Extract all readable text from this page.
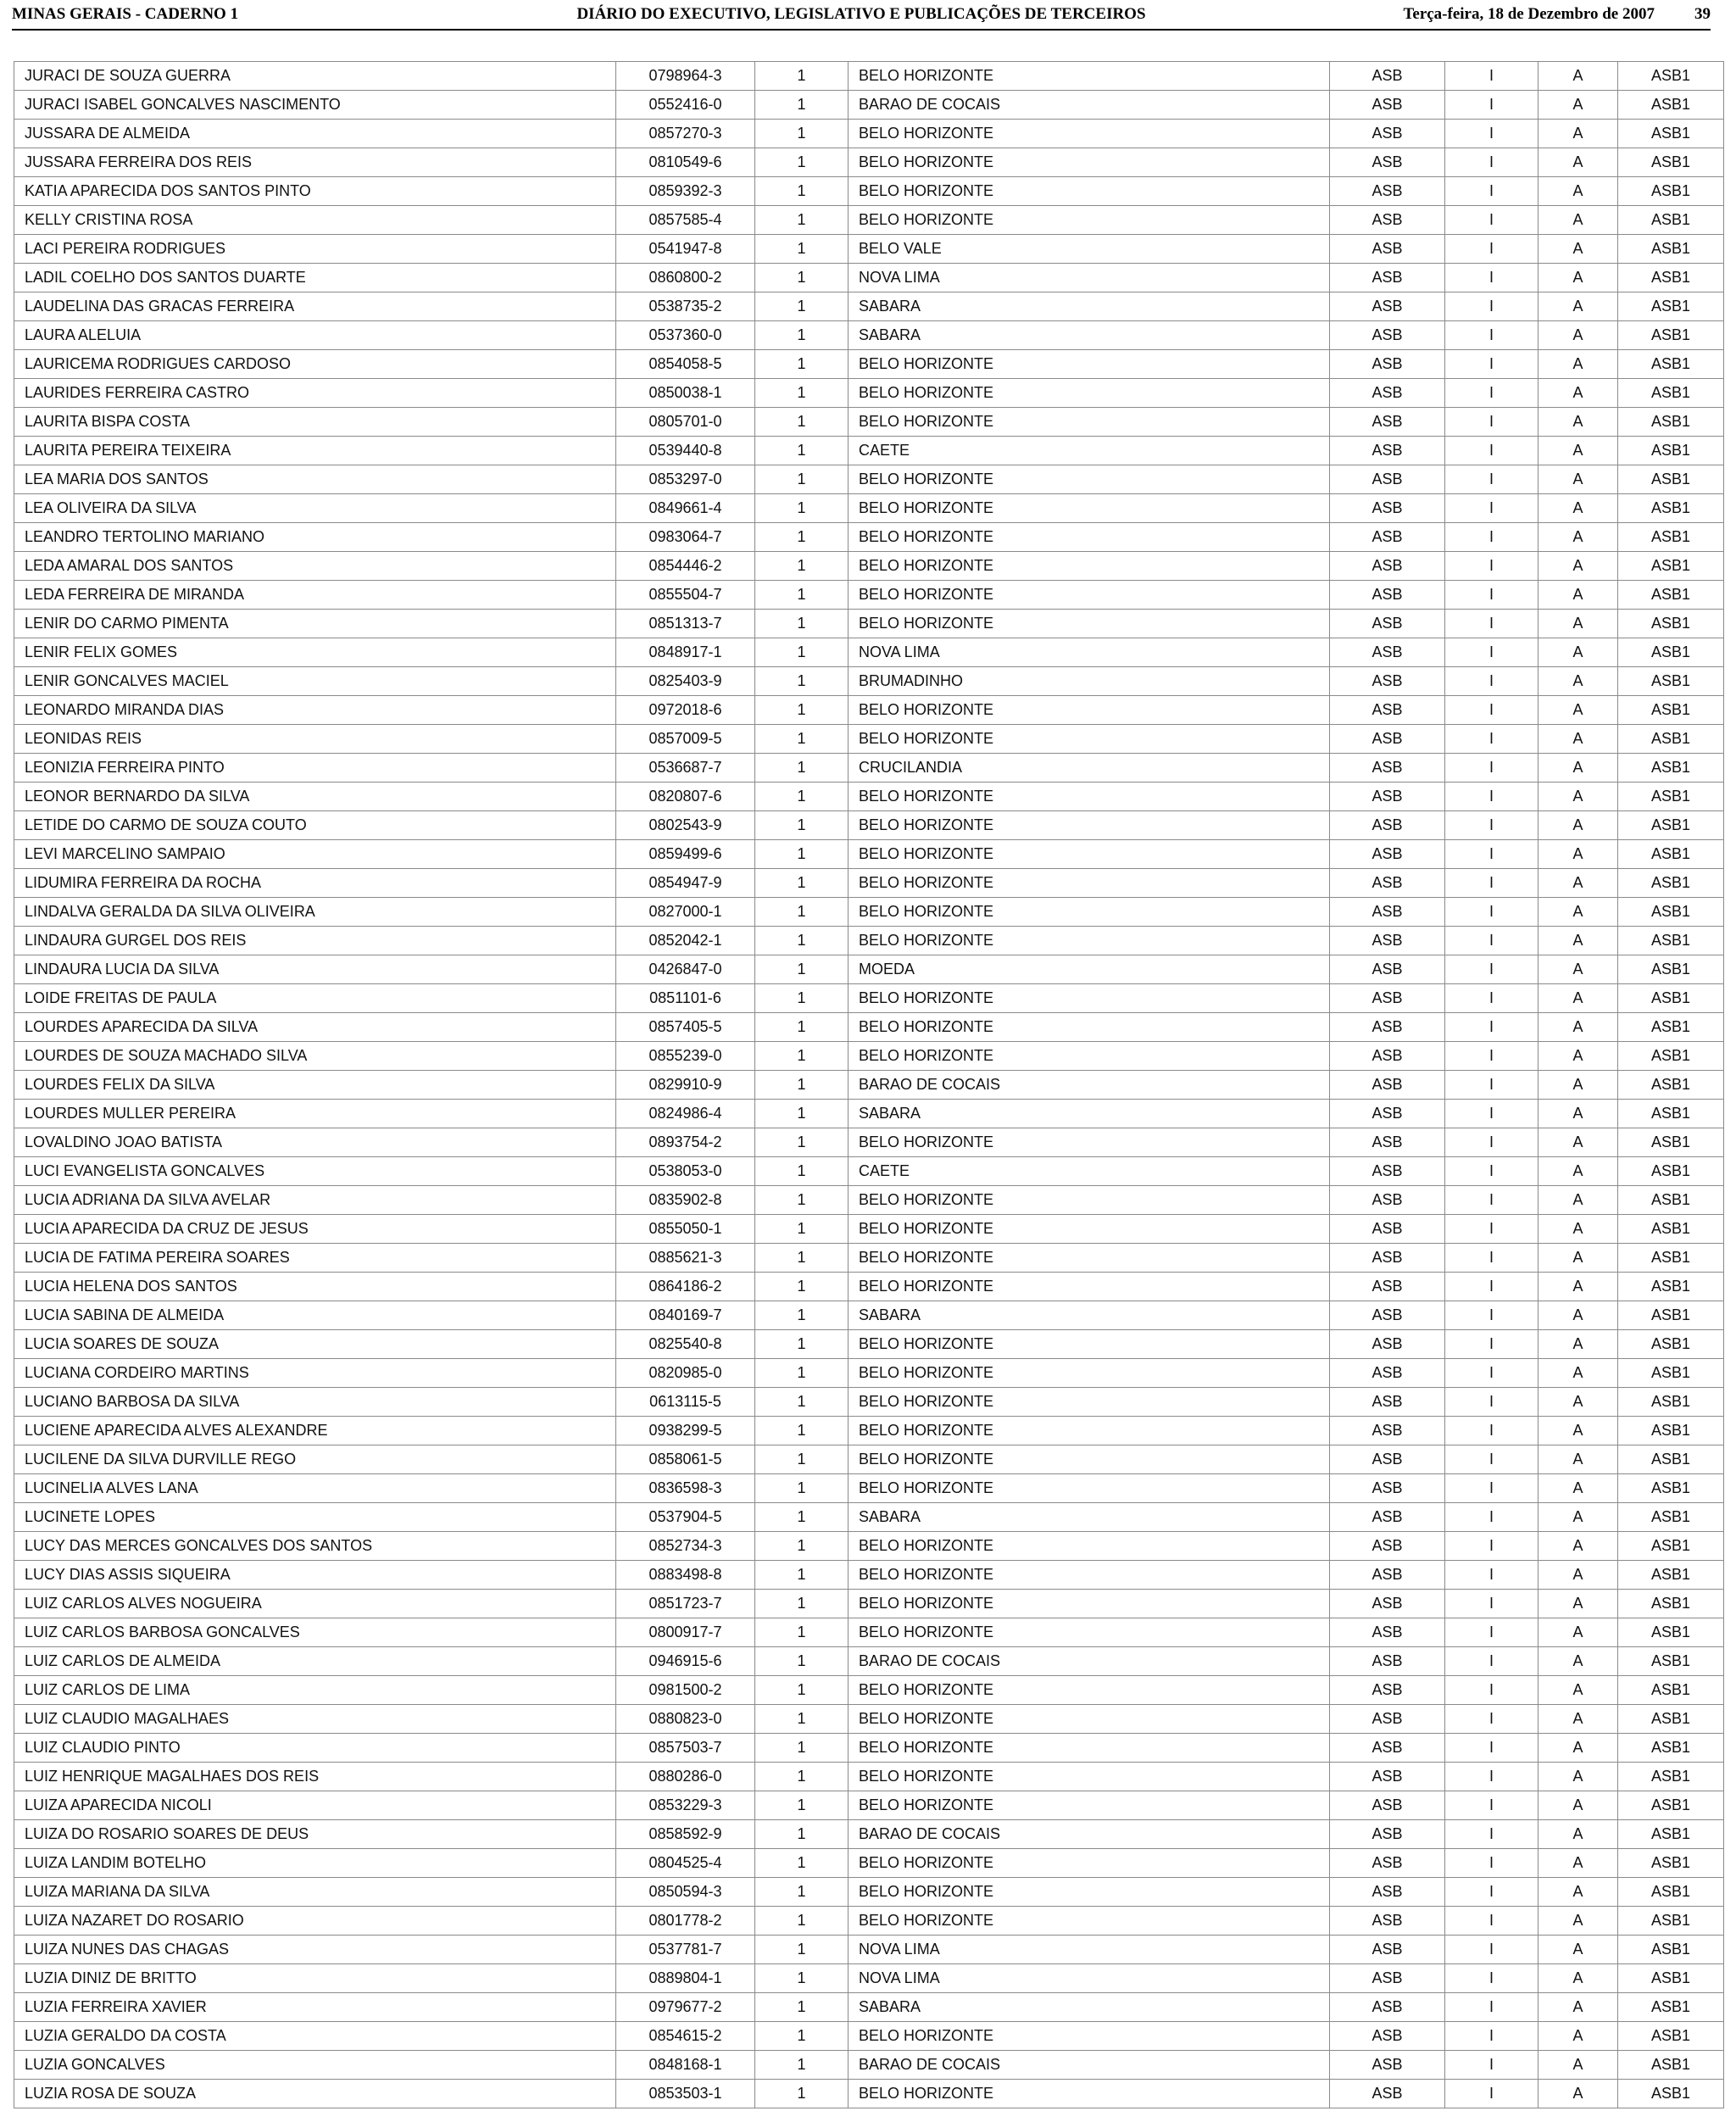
MINAS GERAIS - CADERNO 1	DIÁRIO DO EXECUTIVO, LEGISLATIVO E PUBLICAÇÕES DE TERCEIROS	Terça-feira, 18 de Dezembro de 2007 39
JURACI DE SOUZA GUERRA	0798964-3	1	BELO HORIZONTE	ASB	I	A	ASB1
JURACI ISABEL GONCALVES NASCIMENTO	0552416-0	1	BARAO DE COCAIS	ASB	I	A	ASB1
JUSSARA DE ALMEIDA	0857270-3	1	BELO HORIZONTE	ASB	I	A	ASB1
JUSSARA FERREIRA DOS REIS	0810549-6	1	BELO HORIZONTE	ASB	I	A	ASB1
KATIA APARECIDA DOS SANTOS PINTO	0859392-3	1	BELO HORIZONTE	ASB	I	A	ASB1
KELLY CRISTINA ROSA	0857585-4	1	BELO HORIZONTE	ASB	I	A	ASB1
LACI PEREIRA RODRIGUES	0541947-8	1	BELO VALE	ASB	I	A	ASB1
LADIL COELHO DOS SANTOS DUARTE	0860800-2	1	NOVA LIMA	ASB	I	A	ASB1
LAUDELINA DAS GRACAS FERREIRA	0538735-2	1	SABARA	ASB	I	A	ASB1
LAURA ALELUIA	0537360-0	1	SABARA	ASB	I	A	ASB1
LAURICEMA RODRIGUES CARDOSO	0854058-5	1	BELO HORIZONTE	ASB	I	A	ASB1
LAURIDES FERREIRA CASTRO	0850038-1	1	BELO HORIZONTE	ASB	I	A	ASB1
LAURITA BISPA COSTA	0805701-0	1	BELO HORIZONTE	ASB	I	A	ASB1
LAURITA PEREIRA TEIXEIRA	0539440-8	1	CAETE	ASB	I	A	ASB1
LEA MARIA DOS SANTOS	0853297-0	1	BELO HORIZONTE	ASB	I	A	ASB1
LEA OLIVEIRA DA SILVA	0849661-4	1	BELO HORIZONTE	ASB	I	A	ASB1
LEANDRO TERTOLINO MARIANO	0983064-7	1	BELO HORIZONTE	ASB	I	A	ASB1
LEDA AMARAL DOS SANTOS	0854446-2	1	BELO HORIZONTE	ASB	I	A	ASB1
LEDA FERREIRA DE MIRANDA	0855504-7	1	BELO HORIZONTE	ASB	I	A	ASB1
LENIR DO CARMO PIMENTA	0851313-7	1	BELO HORIZONTE	ASB	I	A	ASB1
LENIR FELIX GOMES	0848917-1	1	NOVA LIMA	ASB	I	A	ASB1
LENIR GONCALVES MACIEL	0825403-9	1	BRUMADINHO	ASB	I	A	ASB1
LEONARDO MIRANDA DIAS	0972018-6	1	BELO HORIZONTE	ASB	I	A	ASB1
LEONIDAS REIS	0857009-5	1	BELO HORIZONTE	ASB	I	A	ASB1
LEONIZIA FERREIRA PINTO	0536687-7	1	CRUCILANDIA	ASB	I	A	ASB1
LEONOR BERNARDO DA SILVA	0820807-6	1	BELO HORIZONTE	ASB	I	A	ASB1
LETIDE DO CARMO DE SOUZA COUTO	0802543-9	1	BELO HORIZONTE	ASB	I	A	ASB1
LEVI MARCELINO SAMPAIO	0859499-6	1	BELO HORIZONTE	ASB	I	A	ASB1
LIDUMIRA FERREIRA DA ROCHA	0854947-9	1	BELO HORIZONTE	ASB	I	A	ASB1
LINDALVA GERALDA DA SILVA OLIVEIRA	0827000-1	1	BELO HORIZONTE	ASB	I	A	ASB1
LINDAURA GURGEL DOS REIS	0852042-1	1	BELO HORIZONTE	ASB	I	A	ASB1
LINDAURA LUCIA DA SILVA	0426847-0	1	MOEDA	ASB	I	A	ASB1
LOIDE FREITAS DE PAULA	0851101-6	1	BELO HORIZONTE	ASB	I	A	ASB1
LOURDES APARECIDA DA SILVA	0857405-5	1	BELO HORIZONTE	ASB	I	A	ASB1
LOURDES DE SOUZA MACHADO SILVA	0855239-0	1	BELO HORIZONTE	ASB	I	A	ASB1
LOURDES FELIX DA SILVA	0829910-9	1	BARAO DE COCAIS	ASB	I	A	ASB1
LOURDES MULLER PEREIRA	0824986-4	1	SABARA	ASB	I	A	ASB1
LOVALDINO JOAO BATISTA	0893754-2	1	BELO HORIZONTE	ASB	I	A	ASB1
LUCI EVANGELISTA GONCALVES	0538053-0	1	CAETE	ASB	I	A	ASB1
LUCIA ADRIANA DA SILVA AVELAR	0835902-8	1	BELO HORIZONTE	ASB	I	A	ASB1
LUCIA APARECIDA DA CRUZ DE JESUS	0855050-1	1	BELO HORIZONTE	ASB	I	A	ASB1
LUCIA DE FATIMA PEREIRA SOARES	0885621-3	1	BELO HORIZONTE	ASB	I	A	ASB1
LUCIA HELENA DOS SANTOS	0864186-2	1	BELO HORIZONTE	ASB	I	A	ASB1
LUCIA SABINA DE ALMEIDA	0840169-7	1	SABARA	ASB	I	A	ASB1
LUCIA SOARES DE SOUZA	0825540-8	1	BELO HORIZONTE	ASB	I	A	ASB1
LUCIANA CORDEIRO MARTINS	0820985-0	1	BELO HORIZONTE	ASB	I	A	ASB1
LUCIANO BARBOSA DA SILVA	0613115-5	1	BELO HORIZONTE	ASB	I	A	ASB1
LUCIENE APARECIDA ALVES ALEXANDRE	0938299-5	1	BELO HORIZONTE	ASB	I	A	ASB1
LUCILENE DA SILVA DURVILLE REGO	0858061-5	1	BELO HORIZONTE	ASB	I	A	ASB1
LUCINELIA ALVES LANA	0836598-3	1	BELO HORIZONTE	ASB	I	A	ASB1
LUCINETE LOPES	0537904-5	1	SABARA	ASB	I	A	ASB1
LUCY DAS MERCES GONCALVES DOS SANTOS	0852734-3	1	BELO HORIZONTE	ASB	I	A	ASB1
LUCY DIAS ASSIS SIQUEIRA	0883498-8	1	BELO HORIZONTE	ASB	I	A	ASB1
LUIZ CARLOS ALVES NOGUEIRA	0851723-7	1	BELO HORIZONTE	ASB	I	A	ASB1
LUIZ CARLOS BARBOSA GONCALVES	0800917-7	1	BELO HORIZONTE	ASB	I	A	ASB1
LUIZ CARLOS DE ALMEIDA	0946915-6	1	BARAO DE COCAIS	ASB	I	A	ASB1
LUIZ CARLOS DE LIMA	0981500-2	1	BELO HORIZONTE	ASB	I	A	ASB1
LUIZ CLAUDIO MAGALHAES	0880823-0	1	BELO HORIZONTE	ASB	I	A	ASB1
LUIZ CLAUDIO PINTO	0857503-7	1	BELO HORIZONTE	ASB	I	A	ASB1
LUIZ HENRIQUE MAGALHAES DOS REIS	0880286-0	1	BELO HORIZONTE	ASB	I	A	ASB1
LUIZA APARECIDA NICOLI	0853229-3	1	BELO HORIZONTE	ASB	I	A	ASB1
LUIZA DO ROSARIO SOARES DE DEUS	0858592-9	1	BARAO DE COCAIS	ASB	I	A	ASB1
LUIZA LANDIM BOTELHO	0804525-4	1	BELO HORIZONTE	ASB	I	A	ASB1
LUIZA MARIANA DA SILVA	0850594-3	1	BELO HORIZONTE	ASB	I	A	ASB1
LUIZA NAZARET DO ROSARIO	0801778-2	1	BELO HORIZONTE	ASB	I	A	ASB1
LUIZA NUNES DAS CHAGAS	0537781-7	1	NOVA LIMA	ASB	I	A	ASB1
LUZIA DINIZ DE BRITTO	0889804-1	1	NOVA LIMA	ASB	I	A	ASB1
LUZIA FERREIRA XAVIER	0979677-2	1	SABARA	ASB	I	A	ASB1
LUZIA GERALDO DA COSTA	0854615-2	1	BELO HORIZONTE	ASB	I	A	ASB1
LUZIA GONCALVES	0848168-1	1	BARAO DE COCAIS	ASB	I	A	ASB1
LUZIA ROSA DE SOUZA	0853503-1	1	BELO HORIZONTE	ASB	I	A	ASB1
